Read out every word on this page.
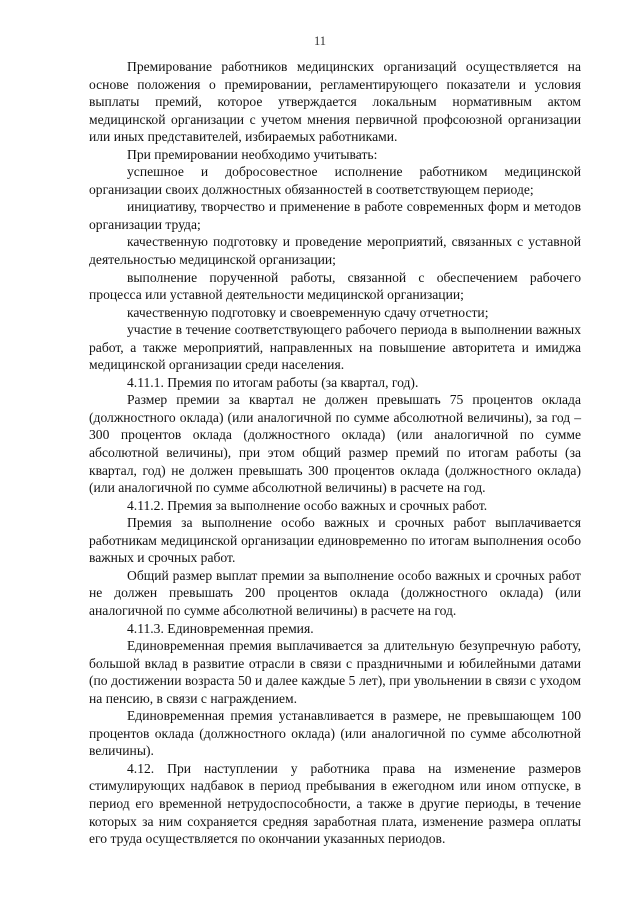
11

Премирование работников медицинских организаций осуществляется на основе положения о премировании, регламентирующего показатели и условия выплаты премий, которое утверждается локальным нормативным актом медицинской организации с учетом мнения первичной профсоюзной организации или иных представителей, избираемых работниками.

При премировании необходимо учитывать:

успешное и добросовестное исполнение работником медицинской организации своих должностных обязанностей в соответствующем периоде;

инициативу, творчество и применение в работе современных форм и методов организации труда;

качественную подготовку и проведение мероприятий, связанных с уставной деятельностью медицинской организации;

выполнение порученной работы, связанной с обеспечением рабочего процесса или уставной деятельности медицинской организации;

качественную подготовку и своевременную сдачу отчетности;

участие в течение соответствующего рабочего периода в выполнении важных работ, а также мероприятий, направленных на повышение авторитета и имиджа медицинской организации среди населения.

4.11.1. Премия по итогам работы (за квартал, год).

Размер премии за квартал не должен превышать 75 процентов оклада (должностного оклада) (или аналогичной по сумме абсолютной величины), за год – 300 процентов оклада (должностного оклада) (или аналогичной по сумме абсолютной величины), при этом общий размер премий по итогам работы (за квартал, год) не должен превышать 300 процентов оклада (должностного оклада) (или аналогичной по сумме абсолютной величины) в расчете на год.

4.11.2. Премия за выполнение особо важных и срочных работ.

Премия за выполнение особо важных и срочных работ выплачивается работникам медицинской организации единовременно по итогам выполнения особо важных и срочных работ.

Общий размер выплат премии за выполнение особо важных и срочных работ не должен превышать 200 процентов оклада (должностного оклада) (или аналогичной по сумме абсолютной величины) в расчете на год.

4.11.3. Единовременная премия.

Единовременная премия выплачивается за длительную безупречную работу, большой вклад в развитие отрасли в связи с праздничными и юбилейными датами (по достижении возраста 50 и далее каждые 5 лет), при увольнении в связи с уходом на пенсию, в связи с награждением.

Единовременная премия устанавливается в размере, не превышающем 100 процентов оклада (должностного оклада) (или аналогичной по сумме абсолютной величины).

4.12. При наступлении у работника права на изменение размеров стимулирующих надбавок в период пребывания в ежегодном или ином отпуске, в период его временной нетрудоспособности, а также в другие периоды, в течение которых за ним сохраняется средняя заработная плата, изменение размера оплаты его труда осуществляется по окончании указанных периодов.
